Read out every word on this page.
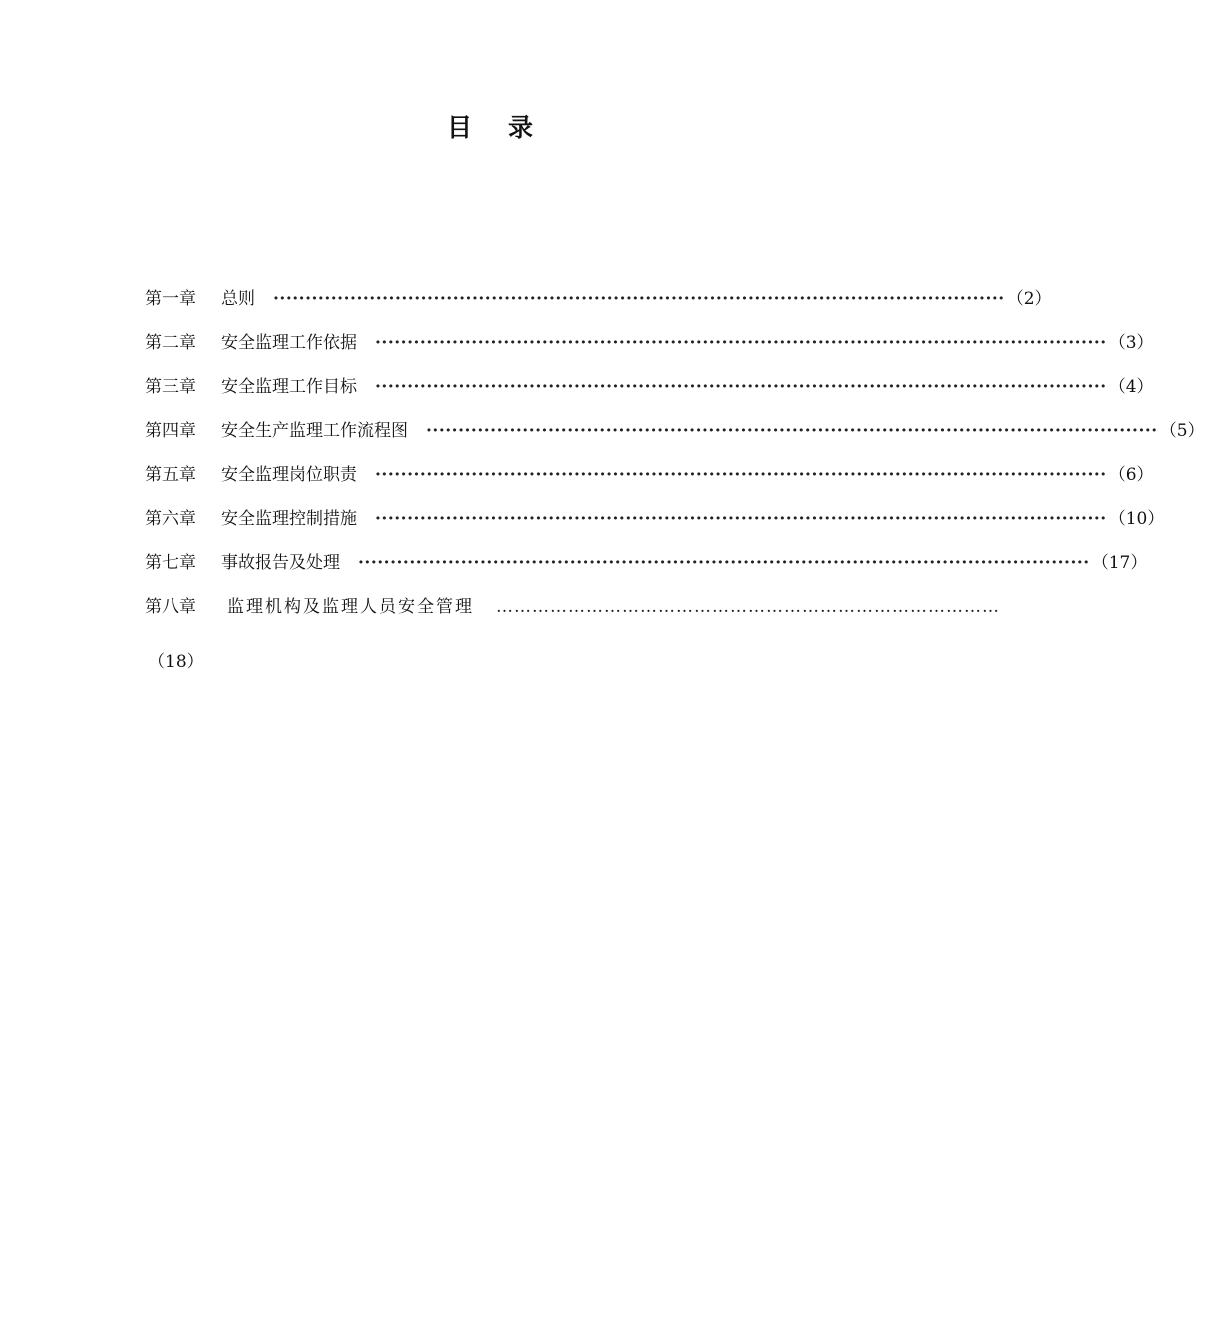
目 录
第一章	总则 ·················································································································· （2）
第二章	安全监理工作依据 ·················································································································· （3）
第三章	安全监理工作目标 ·················································································································· （4）
第四章	安全生产监理工作流程图 ·················································································································· （5）
第五章	安全监理岗位职责 ·················································································································· （6）
第六章	安全监理控制措施 ·················································································································· （10）
第七章	事故报告及处理 ·················································································································· （17）
第八章	监理机构及监理人员安全管理 …………………………………………………………………………
（18）
